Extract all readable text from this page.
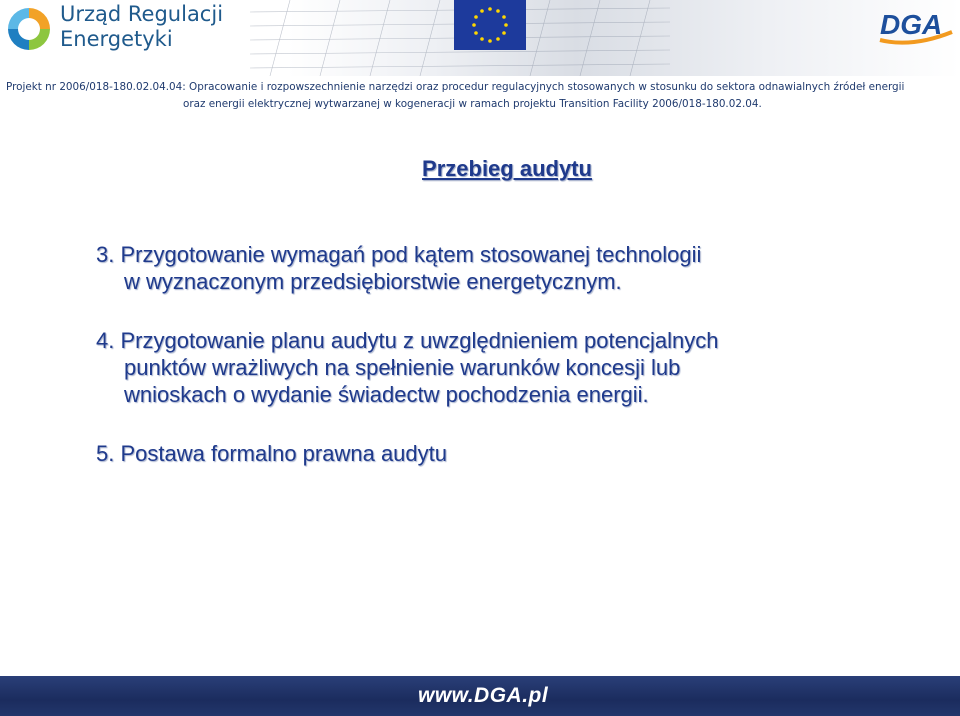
Urząd Regulacji
Energetyki	DGA
Projekt nr 2006/018-180.02.04.04: Opracowanie i rozpowszechnienie narzędzi oraz procedur regulacyjnych stosowanych w stosunku do sektora odnawialnych źródeł energii
oraz energii elektrycznej wytwarzanej w kogeneracji w ramach projektu Transition Facility 2006/018-180.02.04.
Przebieg audytu
3. Przygotowanie wymagań pod kątem stosowanej technologii
w wyznaczonym przedsiębiorstwie energetycznym.
4. Przygotowanie planu audytu z uwzględnieniem potencjalnych
punktów wrażliwych na spełnienie warunków koncesji lub
wnioskach o wydanie świadectw pochodzenia energii.
5. Postawa formalno prawna audytu
www.DGA.pl
